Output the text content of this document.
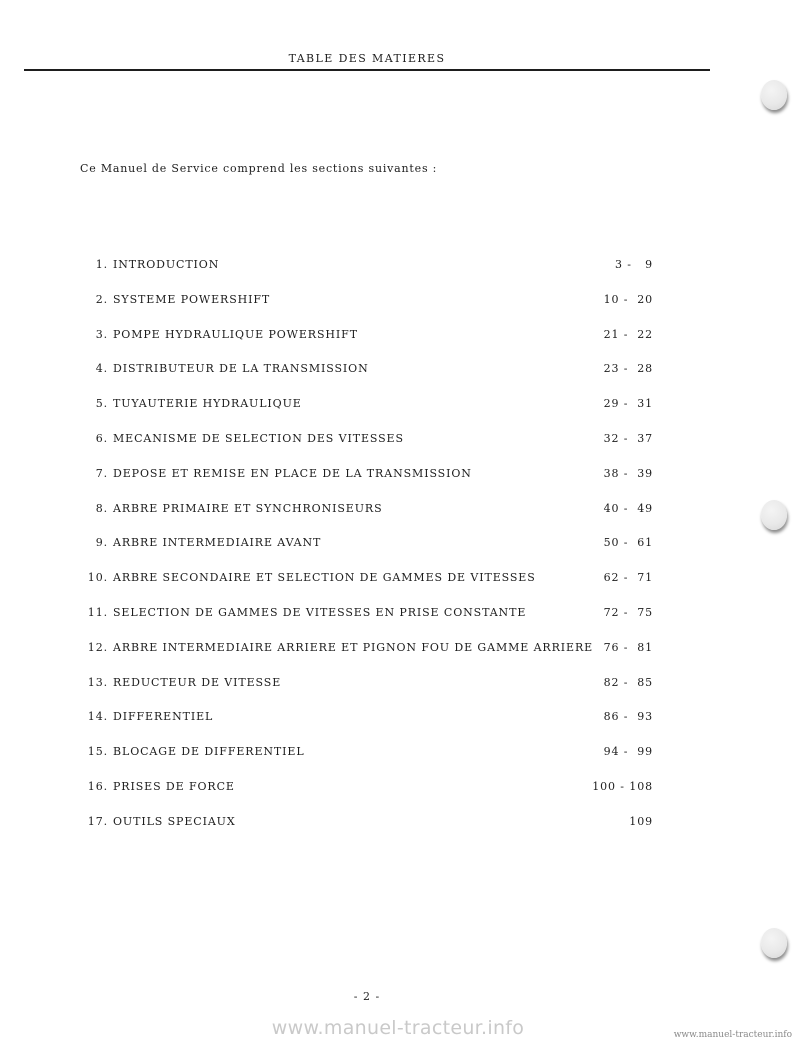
TABLE DES MATIERES
Ce Manuel de Service comprend les sections suivantes :
1. INTRODUCTION	3 -   9
2. SYSTEME POWERSHIFT	10 -  20
3. POMPE HYDRAULIQUE POWERSHIFT	21 -  22
4. DISTRIBUTEUR DE LA TRANSMISSION	23 -  28
5. TUYAUTERIE HYDRAULIQUE	29 -  31
6. MECANISME DE SELECTION DES VITESSES	32 -  37
7. DEPOSE ET REMISE EN PLACE DE LA TRANSMISSION	38 -  39
8. ARBRE PRIMAIRE ET SYNCHRONISEURS	40 -  49
9. ARBRE INTERMEDIAIRE AVANT	50 -  61
10. ARBRE SECONDAIRE ET SELECTION DE GAMMES DE VITESSES	62 -  71
11. SELECTION DE GAMMES DE VITESSES EN PRISE CONSTANTE	72 -  75
12. ARBRE INTERMEDIAIRE ARRIERE ET PIGNON FOU DE GAMME ARRIERE 76 -  81
13. REDUCTEUR DE VITESSE	82 -  85
14. DIFFERENTIEL	86 -  93
15. BLOCAGE DE DIFFERENTIEL	94 -  99
16. PRISES DE FORCE	100 - 108
17. OUTILS SPECIAUX	109
- 2 -
www.manuel-tracteur.info	www.manuel-tracteur.info
